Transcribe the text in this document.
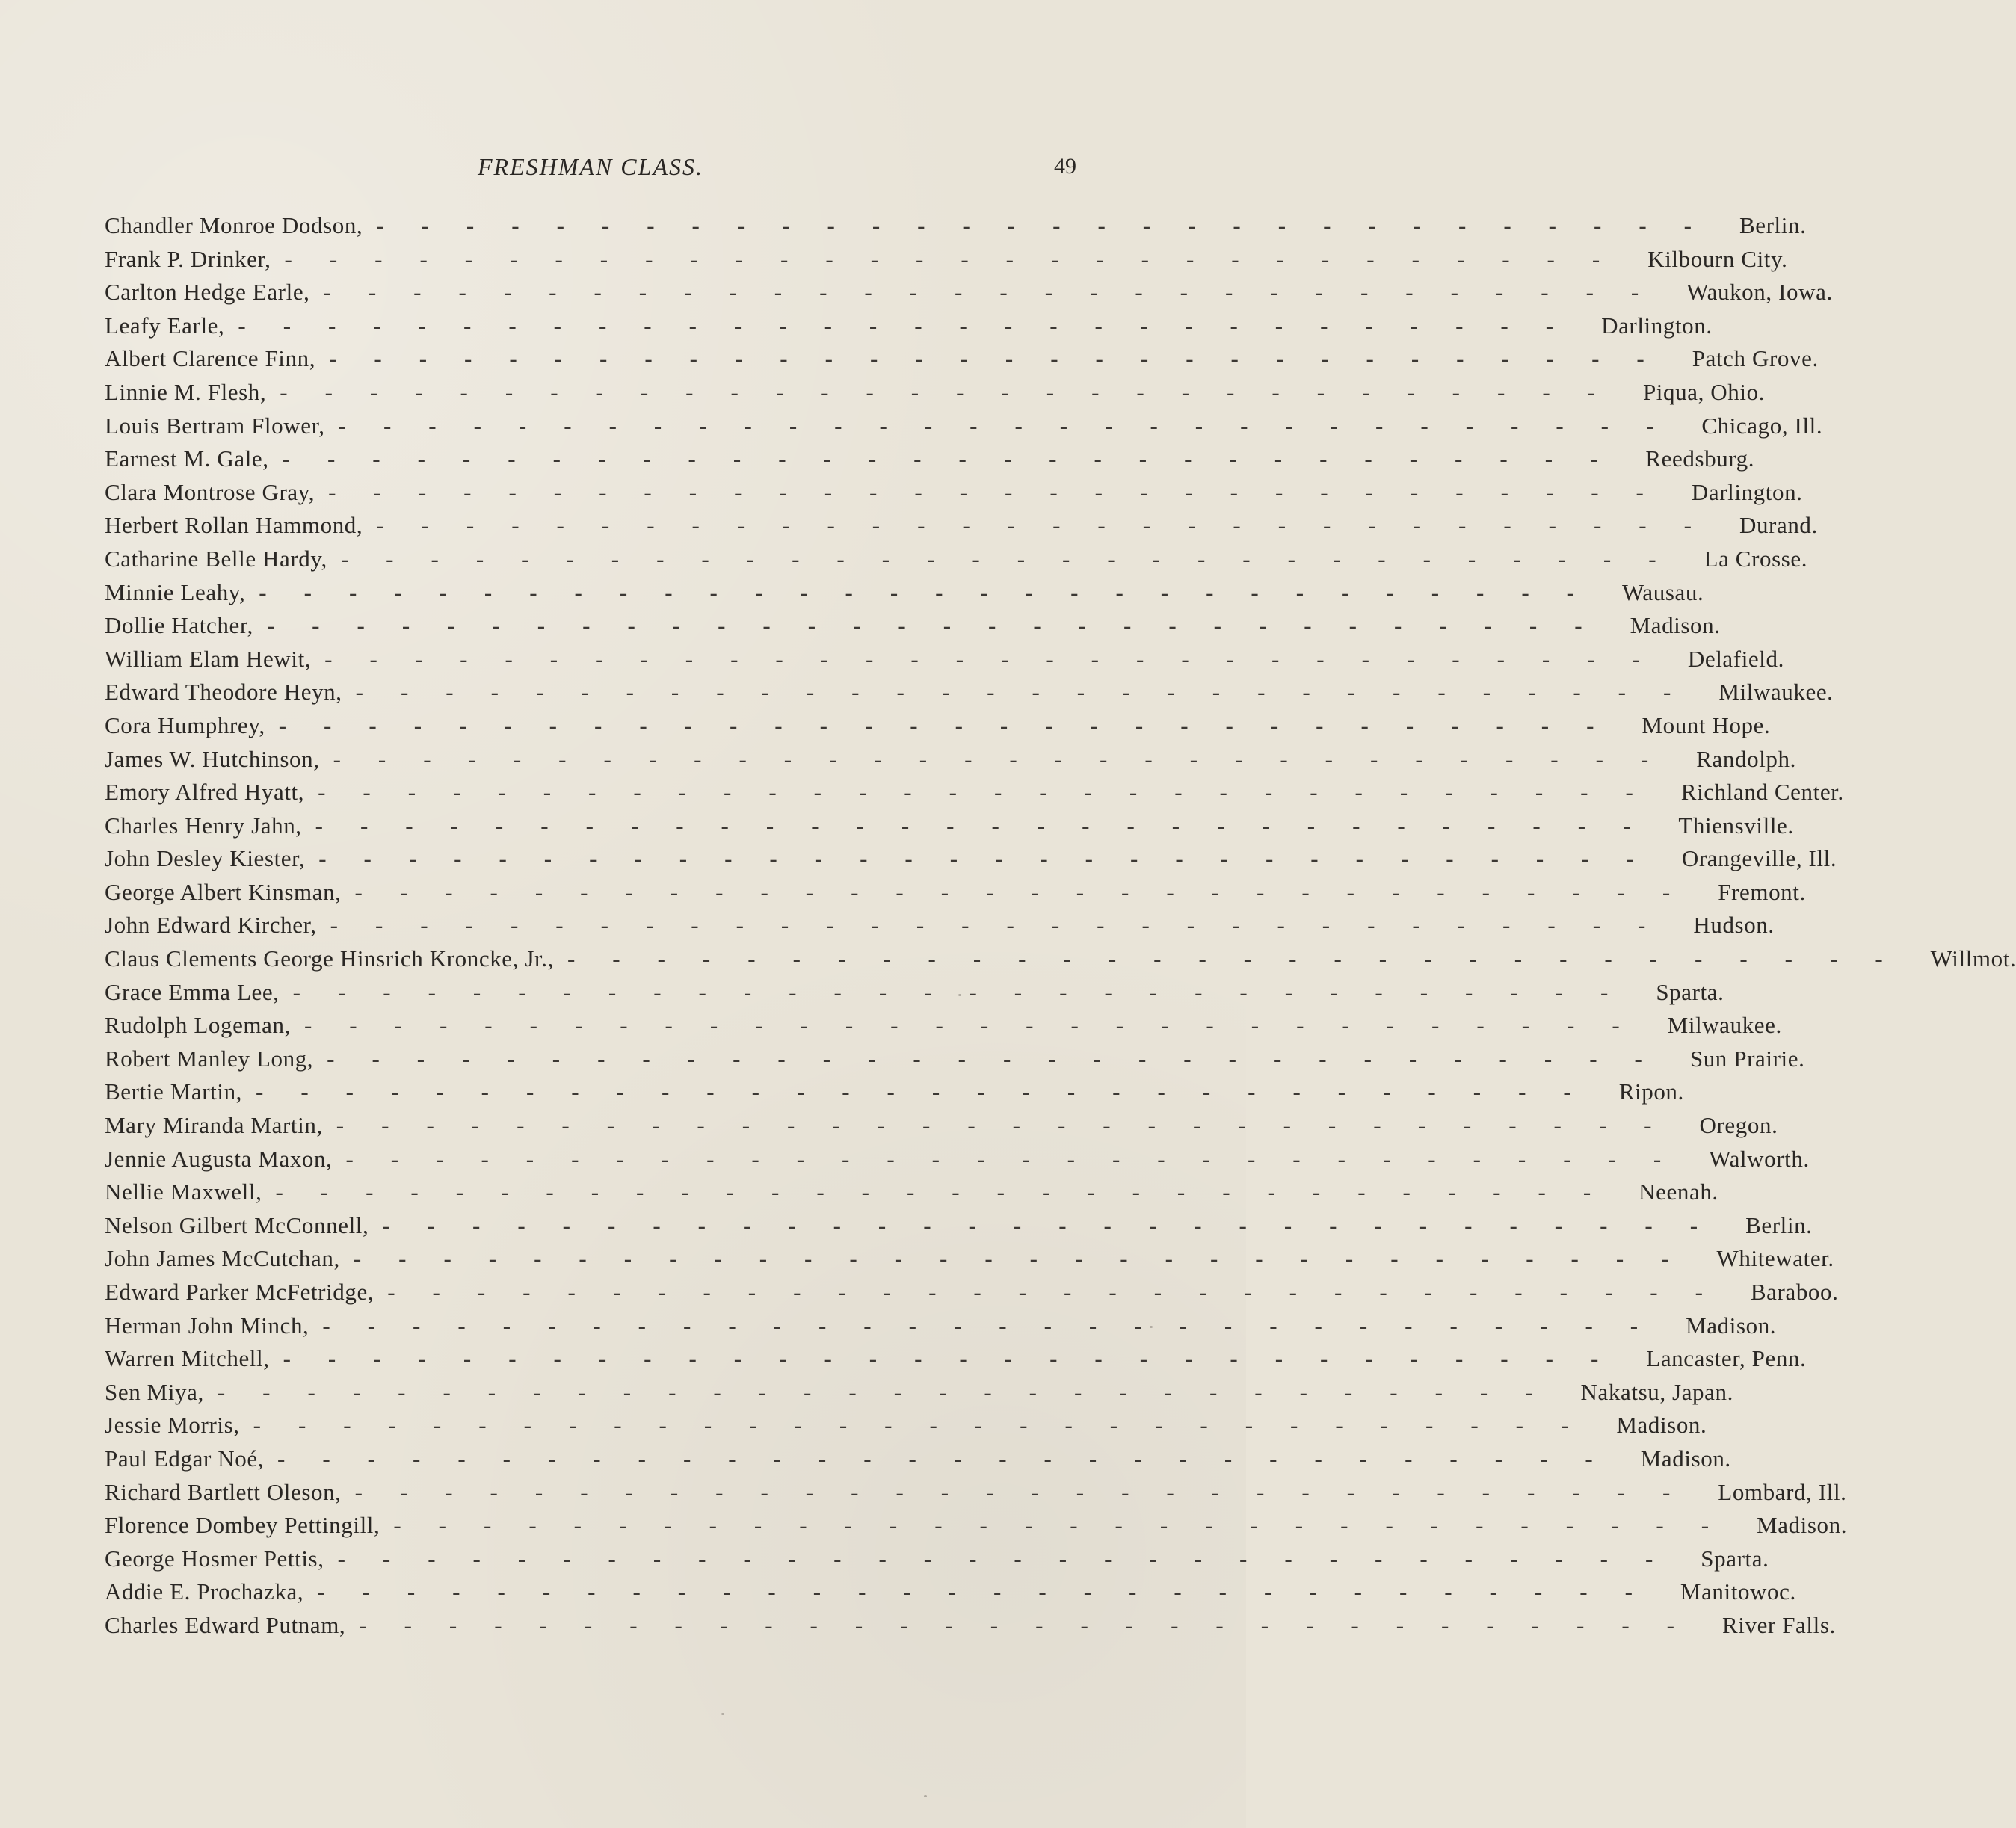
FRESHMAN CLASS.	49
Chandler Monroe Dodson, ------------------------------ Berlin.
Frank P. Drinker, ------------------------------ Kilbourn City.
Carlton Hedge Earle, ------------------------------ Waukon, Iowa.
Leafy Earle, ------------------------------ Darlington.
Albert Clarence Finn, ------------------------------ Patch Grove.
Linnie M. Flesh, ------------------------------ Piqua, Ohio.
Louis Bertram Flower, ------------------------------ Chicago, Ill.
Earnest M. Gale, ------------------------------ Reedsburg.
Clara Montrose Gray, ------------------------------ Darlington.
Herbert Rollan Hammond, ------------------------------ Durand.
Catharine Belle Hardy, ------------------------------ La Crosse.
Minnie Leahy, ------------------------------ Wausau.
Dollie Hatcher, ------------------------------ Madison.
William Elam Hewit, ------------------------------ Delafield.
Edward Theodore Heyn, ------------------------------ Milwaukee.
Cora Humphrey, ------------------------------ Mount Hope.
James W. Hutchinson, ------------------------------ Randolph.
Emory Alfred Hyatt, ------------------------------ Richland Center.
Charles Henry Jahn, ------------------------------ Thiensville.
John Desley Kiester, ------------------------------ Orangeville, Ill.
George Albert Kinsman, ------------------------------ Fremont.
John Edward Kircher, ------------------------------ Hudson.
Claus Clements George Hinsrich Kroncke, Jr., ------------------------------ Willmot.
Grace Emma Lee, ------------------------------ Sparta.
Rudolph Logeman, ------------------------------ Milwaukee.
Robert Manley Long, ------------------------------ Sun Prairie.
Bertie Martin, ------------------------------ Ripon.
Mary Miranda Martin, ------------------------------ Oregon.
Jennie Augusta Maxon, ------------------------------ Walworth.
Nellie Maxwell, ------------------------------ Neenah.
Nelson Gilbert McConnell, ------------------------------ Berlin.
John James McCutchan, ------------------------------ Whitewater.
Edward Parker McFetridge, ------------------------------ Baraboo.
Herman John Minch, ------------------------------ Madison.
Warren Mitchell, ------------------------------ Lancaster, Penn.
Sen Miya, ------------------------------ Nakatsu, Japan.
Jessie Morris, ------------------------------ Madison.
Paul Edgar Noé, ------------------------------ Madison.
Richard Bartlett Oleson, ------------------------------ Lombard, Ill.
Florence Dombey Pettingill, ------------------------------ Madison.
George Hosmer Pettis, ------------------------------ Sparta.
Addie E. Prochazka, ------------------------------ Manitowoc.
Charles Edward Putnam, ------------------------------ River Falls.
